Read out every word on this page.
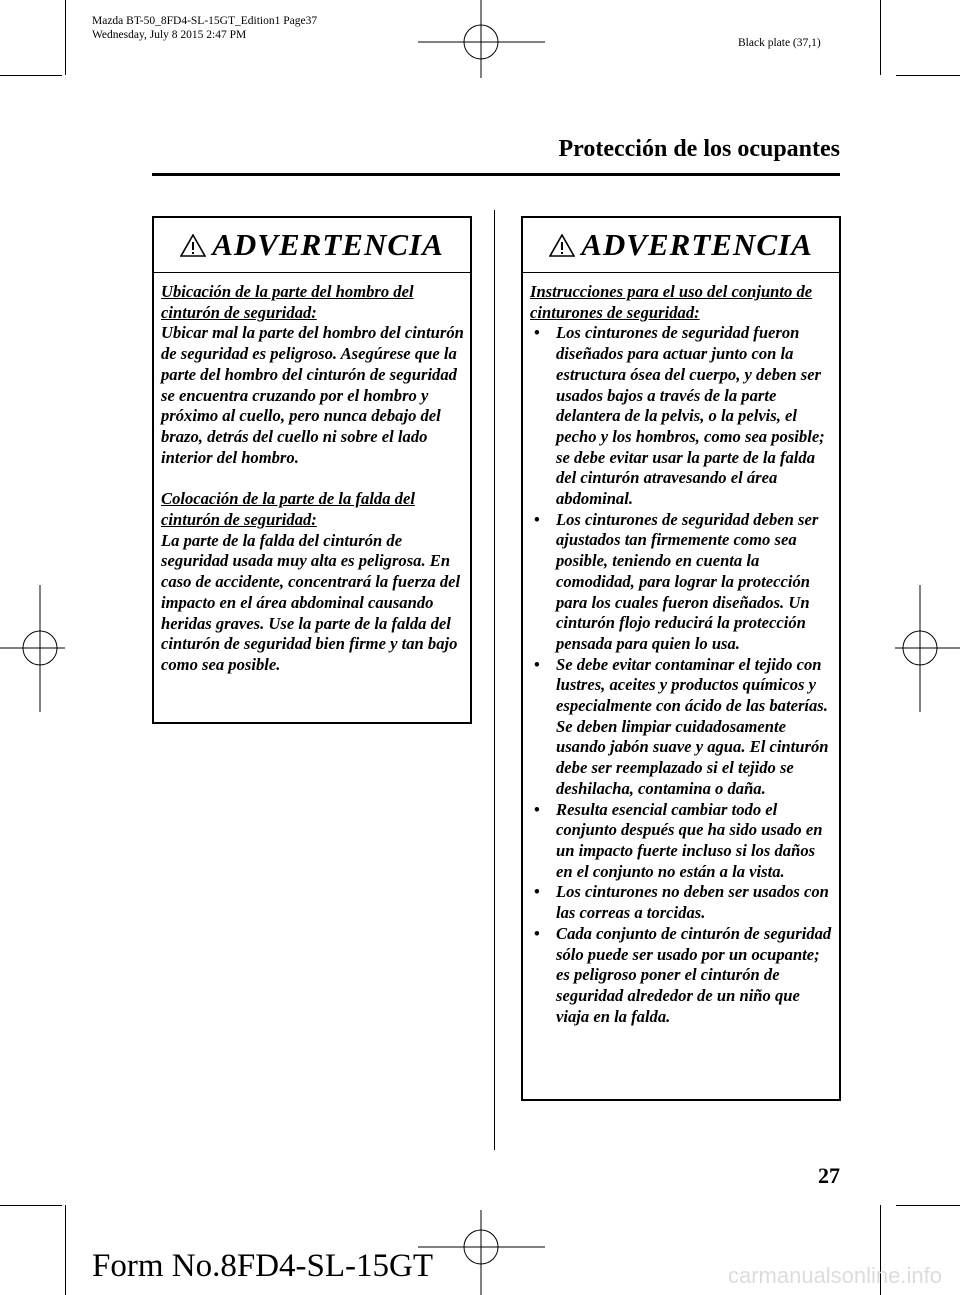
Mazda BT-50_8FD4-SL-15GT_Edition1 Page37
Wednesday, July 8 2015 2:47 PM
Black plate (37,1)
Protección de los ocupantes
ADVERTENCIA

Ubicación de la parte del hombro del cinturón de seguridad:

Ubicar mal la parte del hombro del cinturón de seguridad es peligroso. Asegúrese que la parte del hombro del cinturón de seguridad se encuentra cruzando por el hombro y próximo al cuello, pero nunca debajo del brazo, detrás del cuello ni sobre el lado interior del hombro.

Colocación de la parte de la falda del cinturón de seguridad:

La parte de la falda del cinturón de seguridad usada muy alta es peligrosa. En caso de accidente, concentrará la fuerza del impacto en el área abdominal causando heridas graves. Use la parte de la falda del cinturón de seguridad bien firme y tan bajo como sea posible.

ADVERTENCIA

Instrucciones para el uso del conjunto de cinturones de seguridad:

• Los cinturones de seguridad fueron diseñados para actuar junto con la estructura ósea del cuerpo, y deben ser usados bajos a través de la parte delantera de la pelvis, o la pelvis, el pecho y los hombros, como sea posible; se debe evitar usar la parte de la falda del cinturón atravesando el área abdominal.
• Los cinturones de seguridad deben ser ajustados tan firmemente como sea posible, teniendo en cuenta la comodidad, para lograr la protección para los cuales fueron diseñados. Un cinturón flojo reducirá la protección pensada para quien lo usa.
• Se debe evitar contaminar el tejido con lustres, aceites y productos químicos y especialmente con ácido de las baterías. Se deben limpiar cuidadosamente usando jabón suave y agua. El cinturón debe ser reemplazado si el tejido se deshilacha, contamina o daña.
• Resulta esencial cambiar todo el conjunto después que ha sido usado en un impacto fuerte incluso si los daños en el conjunto no están a la vista.
• Los cinturones no deben ser usados con las correas a torcidas.
• Cada conjunto de cinturón de seguridad sólo puede ser usado por un ocupante; es peligroso poner el cinturón de seguridad alrededor de un niño que viaja en la falda.
27
Form No.8FD4-SL-15GT	carmanualsonline.info
